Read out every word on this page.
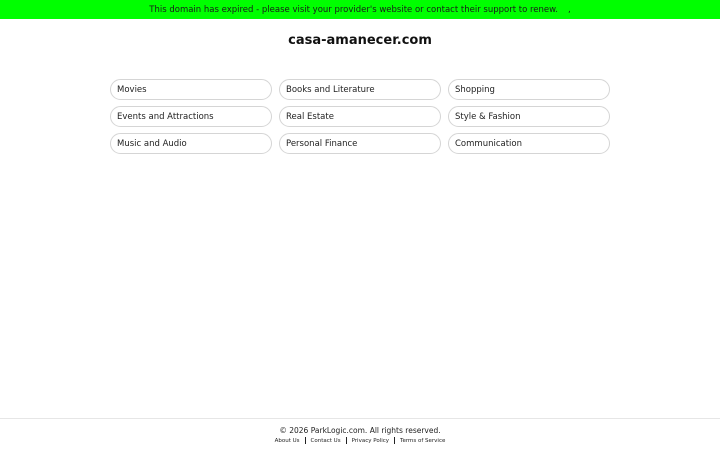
This domain has expired - please visit your provider's website or contact their support to renew. ,
casa-amanecer.com
Movies	Books and Literature	Shopping
Events and Attractions	Real Estate	Style & Fashion
Music and Audio	Personal Finance	Communication
© 2026 ParkLogic.com. All rights reserved.
About Us	Contact Us	Privacy Policy	Terms of Service
